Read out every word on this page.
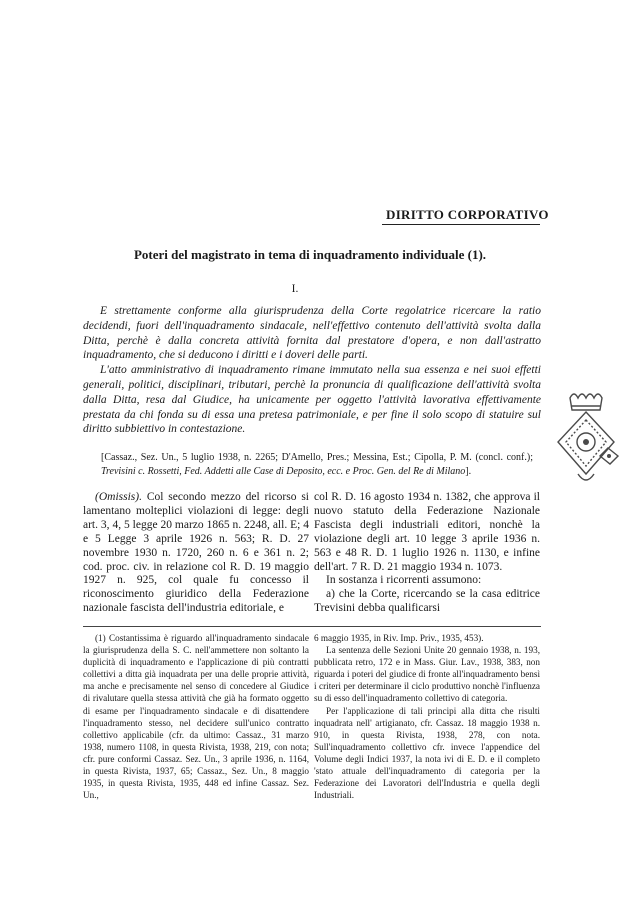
DIRITTO CORPORATIVO
Poteri del magistrato in tema di inquadramento individuale (1).
I.

E strettamente conforme alla giurisprudenza della Corte regolatrice ricercare la ratio decidendi, fuori dell'inquadramento sindacale, nell'effettivo contenuto dell'attività svolta dalla Ditta, perchè è dalla concreta attività fornita dal prestatore d'opera, e non dall'astratto inquadramento, che si deducono i diritti e i doveri delle parti.

L'atto amministrativo di inquadramento rimane immutato nella sua essenza e nei suoi effetti generali, politici, disciplinari, tributari, perchè la pronuncia di qualificazione dell'attività svolta dalla Ditta, resa dal Giudice, ha unicamente per oggetto l'attività lavorativa effettivamente prestata da chi fonda su di essa una pretesa patrimoniale, e per fine il solo scopo di statuire sul diritto subbiettivo in contestazione.

[Cassaz., Sez. Un., 5 luglio 1938, n. 2265; D'Amello, Pres.; Messina, Est.; Cipolla, P. M. (concl. conf.); Trevisini c. Rossetti, Fed. Addetti alle Case di Deposito, ecc. e Proc. Gen. del Re di Milano].

(Omissis). Col secondo mezzo del ricorso si lamentano molteplici violazioni di legge: degli art. 3, 4, 5 legge 20 marzo 1865 n. 2248, all. E; 4 e 5 Legge 3 aprile 1926 n. 563; R. D. 27 novembre 1930 n. 1720, 260 n. 6 e 361 n. 2; cod. proc. civ. in relazione col R. D. 19 maggio 1927 n. 925, col quale fu concesso il riconoscimento giuridico della Federazione nazionale fascista dell'industria editoriale, e

col R. D. 16 agosto 1934 n. 1382, che approva il nuovo statuto della Federazione Nazionale Fascista degli industriali editori, nonchè la violazione degli art. 10 legge 3 aprile 1936 n. 563 e 48 R. D. 1 luglio 1926 n. 1130, e infine dell'art. 7 R. D. 21 maggio 1934 n. 1073.

In sostanza i ricorrenti assumono:

a) che la Corte, ricercando se la casa editrice Trevisini debba qualificarsi

(1) Costantissima è riguardo all'inquadramento sindacale la giurisprudenza della S. C. nell'ammettere non soltanto la duplicità di inquadramento e l'applicazione di più contratti collettivi a ditta già inquadrata per una delle proprie attività, ma anche e precisamente nel senso di concedere al Giudice di rivalutare quella stessa attività che già ha formato oggetto di esame per l'inquadramento sindacale e di disattendere l'inquadramento stesso, nel decidere sull'unico contratto collettivo applicabile (cfr. da ultimo: Cassaz., 31 marzo 1938, numero 1108, in questa Rivista, 1938, 219, con nota; cfr. pure conformi Cassaz. Sez. Un., 3 aprile 1936, n. 1164, in questa Rivista, 1937, 65; Cassaz., Sez. Un., 8 maggio 1935, in questa Rivista, 1935, 448 ed infine Cassaz. Sez. Un.,

6 maggio 1935, in Riv. Imp. Priv., 1935, 453).

La sentenza delle Sezioni Unite 20 gennaio 1938, n. 193, pubblicata retro, 172 e in Mass. Giur. Lav., 1938, 383, non riguarda i poteri del giudice di fronte all'inquadramento bensì i criteri per determinare il ciclo produttivo nonchè l'influenza su di esso dell'inquadramento collettivo di categoria.

Per l'applicazione di tali principi alla ditta che risulti inquadrata nell' artigianato, cfr. Cassaz. 18 maggio 1938 n. 910, in questa Rivista, 1938, 278, con nota. Sull'inquadramento collettivo cfr. invece l'appendice del Volume degli Indici 1937, la nota ivi di E. D. e il completo 'stato attuale dell'inquadramento di categoria per la Federazione dei Lavoratori dell'Industria e quella degli Industriali.
